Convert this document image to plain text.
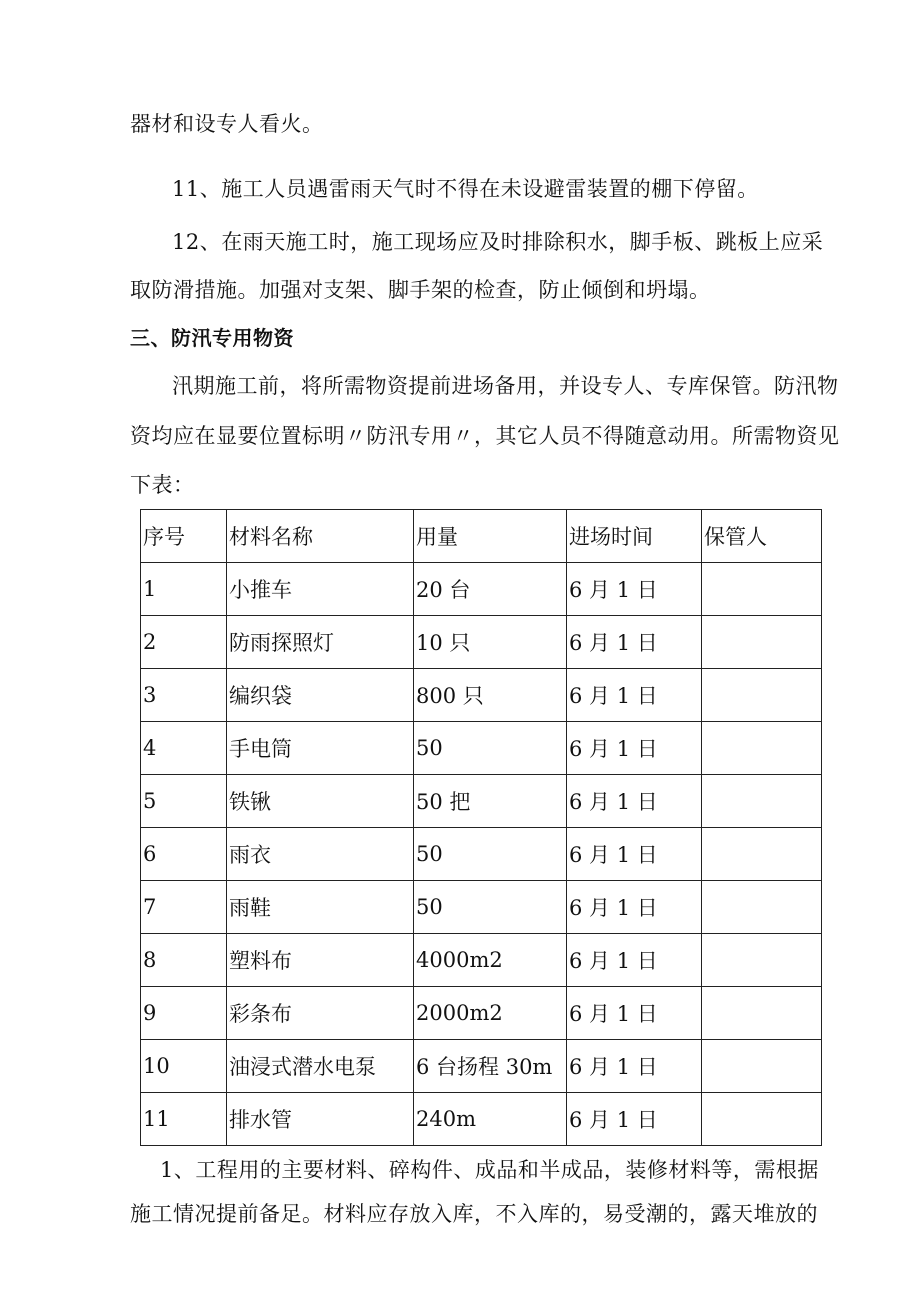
器材和设专人看火。
11、施工人员遇雷雨天气时不得在未设避雷装置的棚下停留。
12、在雨天施工时，施工现场应及时排除积水，脚手板、跳板上应采
取防滑措施。加强对支架、脚手架的检查，防止倾倒和坍塌。
三、防汛专用物资
汛期施工前，将所需物资提前进场备用，并设专人、专库保管。防汛物
资均应在显要位置标明〃防汛专用〃，其它人员不得随意动用。所需物资见
下表：
序号	材料名称	用量	进场时间	保管人
1	小推车	20 台	6 月 1 日	
2	防雨探照灯	10 只	6 月 1 日	
3	编织袋	800 只	6 月 1 日	
4	手电筒	50	6 月 1 日	
5	铁锹	50 把	6 月 1 日	
6	雨衣	50	6 月 1 日	
7	雨鞋	50	6 月 1 日	
8	塑料布	4000m2	6 月 1 日	
9	彩条布	2000m2	6 月 1 日	
10	油浸式潜水电泵	6 台扬程 30m	6 月 1 日	
11	排水管	240m	6 月 1 日	
1、工程用的主要材料、碎构件、成品和半成品，装修材料等，需根据
施工情况提前备足。材料应存放入库，不入库的，易受潮的，露天堆放的
